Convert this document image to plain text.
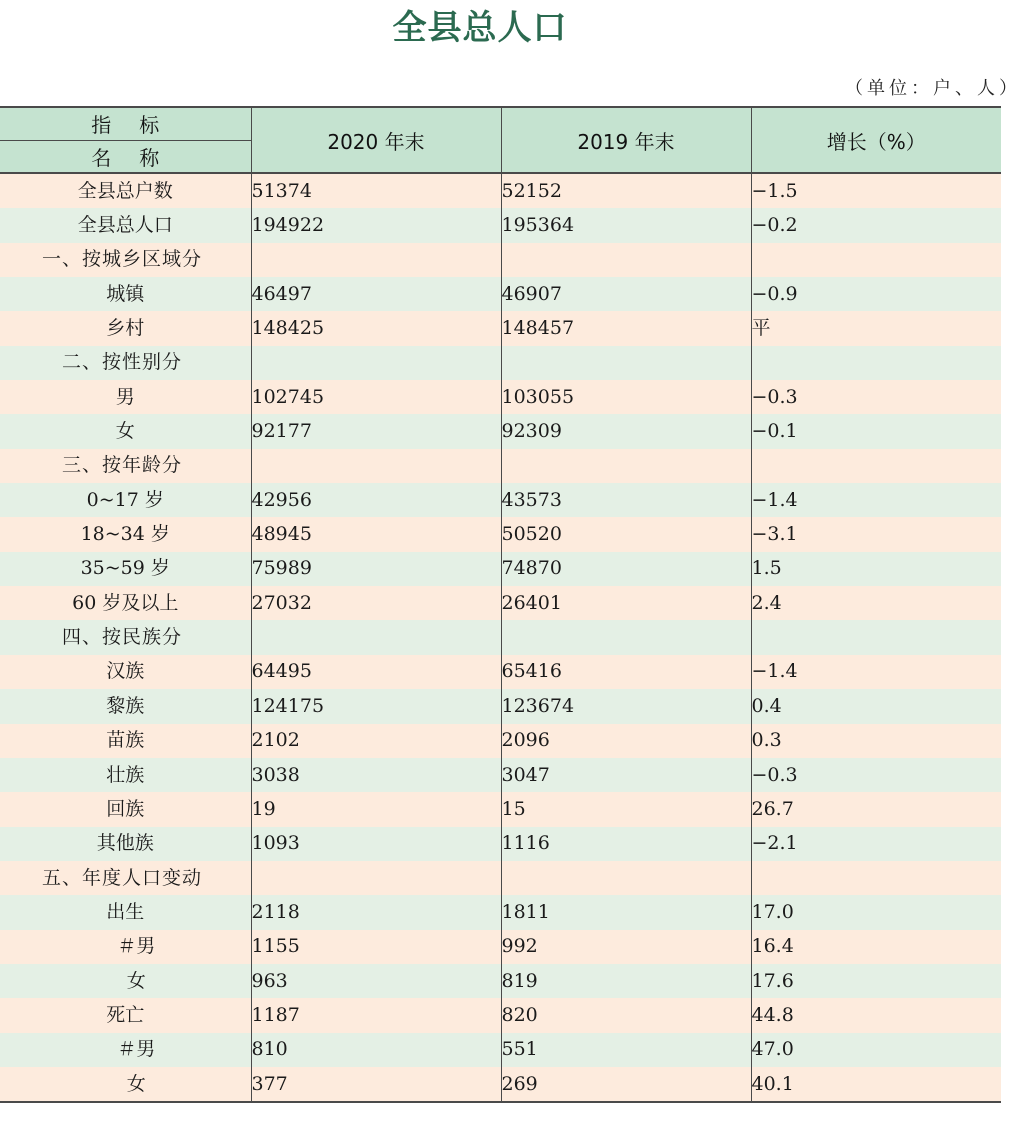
全县总人口
（单位：户、人）
指标
名称	2020 年末	2019 年末	增长（%）
全县总户数	51374	52152	−1.5
全县总人口	194922	195364	−0.2
一、按城乡区域分			
城镇	46497	46907	−0.9
乡村	148425	148457	平
二、按性别分			
男	102745	103055	−0.3
女	92177	92309	−0.1
三、按年龄分			
0~17 岁	42956	43573	−1.4
18~34 岁	48945	50520	−3.1
35~59 岁	75989	74870	1.5
60 岁及以上	27032	26401	2.4
四、按民族分			
汉族	64495	65416	−1.4
黎族	124175	123674	0.4
苗族	2102	2096	0.3
壮族	3038	3047	−0.3
回族	19	15	26.7
其他族	1093	1116	−2.1
五、年度人口变动			
出生	2118	1811	17.0
＃男	1155	992	16.4
女	963	819	17.6
死亡	1187	820	44.8
＃男	810	551	47.0
女	377	269	40.1
